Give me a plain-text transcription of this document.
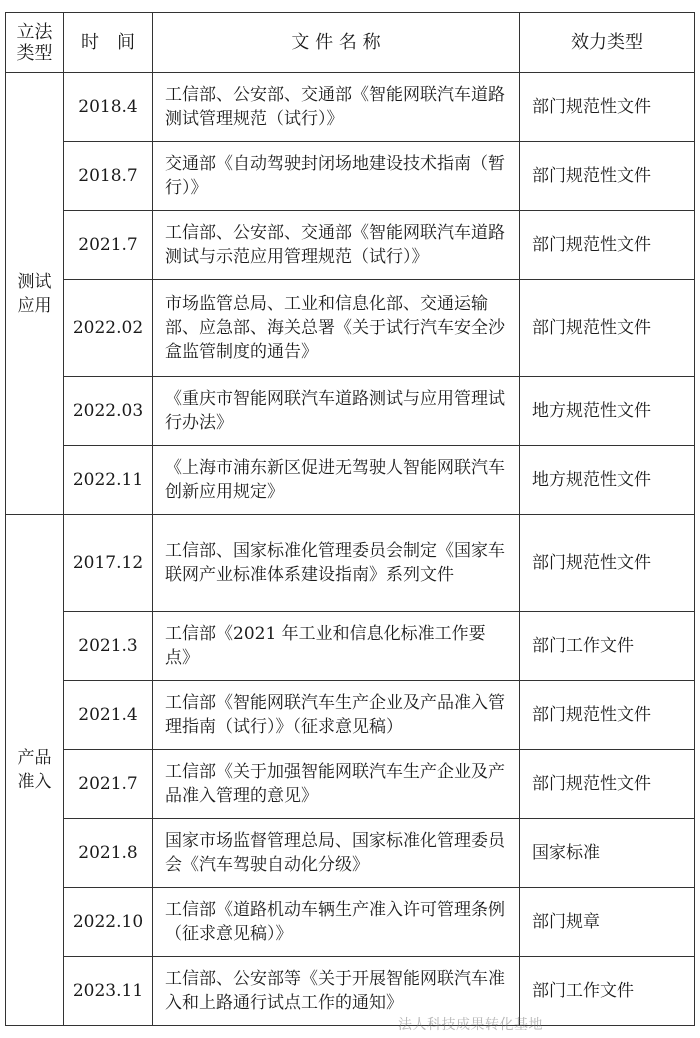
立法
类型	时　间	文 件 名 称	效力类型

测试
应用	2018.4	工信部、公安部、交通部《智能网联汽车道路测试管理规范（试行）》	部门规范性文件
	2018.7	交通部《自动驾驶封闭场地建设技术指南（暂行）》	部门规范性文件
	2021.7	工信部、公安部、交通部《智能网联汽车道路测试与示范应用管理规范（试行）》	部门规范性文件
	2022.02	市场监管总局、工业和信息化部、交通运输部、应急部、海关总署《关于试行汽车安全沙盒监管制度的通告》	部门规范性文件
	2022.03	《重庆市智能网联汽车道路测试与应用管理试行办法》	地方规范性文件
	2022.11	《上海市浦东新区促进无驾驶人智能网联汽车创新应用规定》	地方规范性文件

产品
准入	2017.12	工信部、国家标准化管理委员会制定《国家车联网产业标准体系建设指南》系列文件	部门规范性文件
	2021.3	工信部《2021 年工业和信息化标准工作要点》	部门工作文件
	2021.4	工信部《智能网联汽车生产企业及产品准入管理指南（试行）》（征求意见稿）	部门规范性文件
	2021.7	工信部《关于加强智能网联汽车生产企业及产品准入管理的意见》	部门规范性文件
	2021.8	国家市场监督管理总局、国家标准化管理委员会《汽车驾驶自动化分级》	国家标准
	2022.10	工信部《道路机动车辆生产准入许可管理条例（征求意见稿）》	部门规章
	2023.11	工信部、公安部等《关于开展智能网联汽车准入和上路通行试点工作的通知》	部门工作文件
法人科技成果转化基地
